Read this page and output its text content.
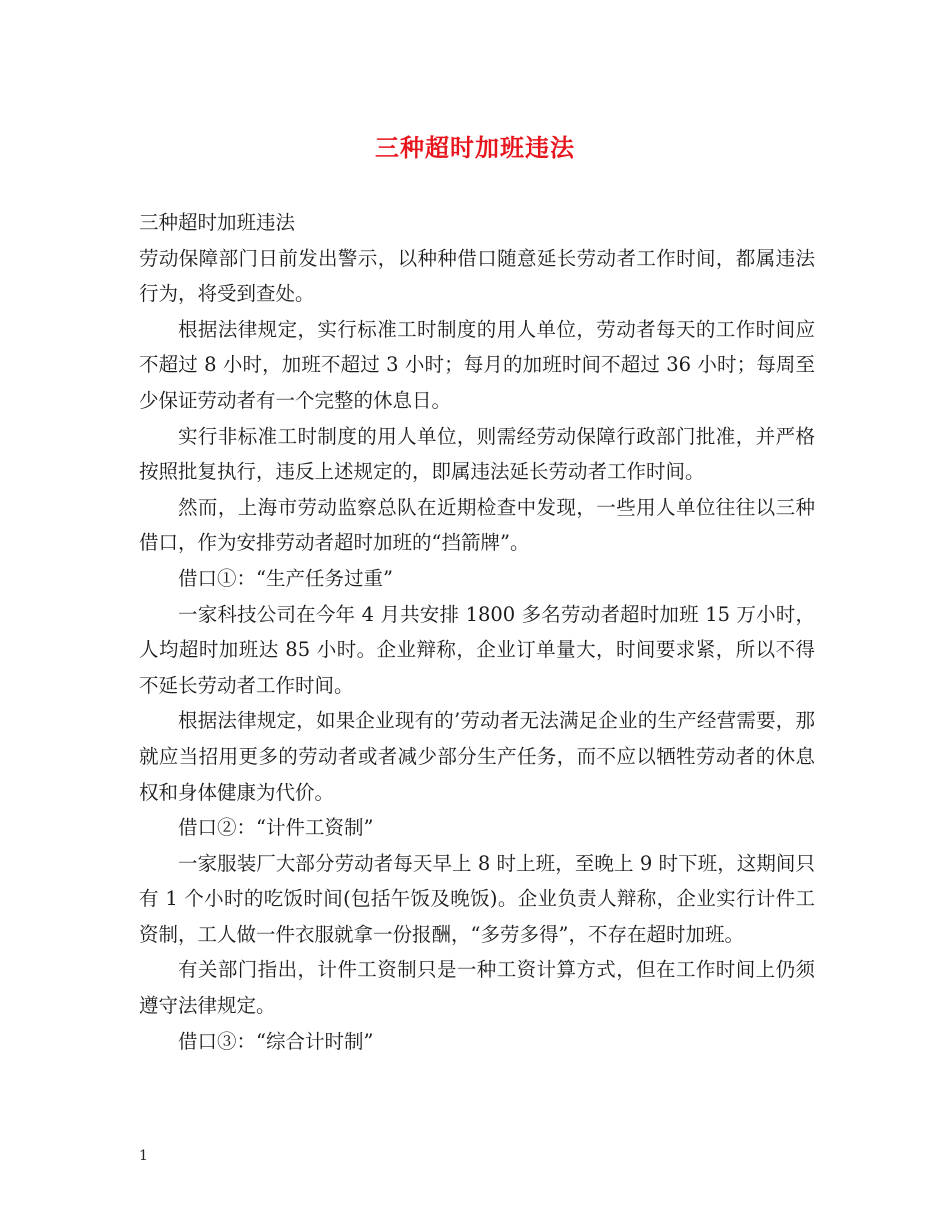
三种超时加班违法

三种超时加班违法

劳动保障部门日前发出警示，以种种借口随意延长劳动者工作时间，都属违法行为，将受到查处。

根据法律规定，实行标准工时制度的用人单位，劳动者每天的工作时间应不超过 8 小时，加班不超过 3 小时；每月的加班时间不超过 36 小时；每周至少保证劳动者有一个完整的休息日。

实行非标准工时制度的用人单位，则需经劳动保障行政部门批准，并严格按照批复执行，违反上述规定的，即属违法延长劳动者工作时间。

然而，上海市劳动监察总队在近期检查中发现，一些用人单位往往以三种借口，作为安排劳动者超时加班的“挡箭牌”。

借口①：“生产任务过重”

一家科技公司在今年 4 月共安排 1800 多名劳动者超时加班 15 万小时，人均超时加班达 85 小时。企业辩称，企业订单量大，时间要求紧，所以不得不延长劳动者工作时间。

根据法律规定，如果企业现有的’劳动者无法满足企业的生产经营需要，那就应当招用更多的劳动者或者减少部分生产任务，而不应以牺牲劳动者的休息权和身体健康为代价。

借口②：“计件工资制”

一家服装厂大部分劳动者每天早上 8 时上班，至晚上 9 时下班，这期间只有 1 个小时的吃饭时间(包括午饭及晚饭)。企业负责人辩称，企业实行计件工资制，工人做一件衣服就拿一份报酬，“多劳多得”，不存在超时加班。

有关部门指出，计件工资制只是一种工资计算方式，但在工作时间上仍须遵守法律规定。

借口③：“综合计时制”

1
